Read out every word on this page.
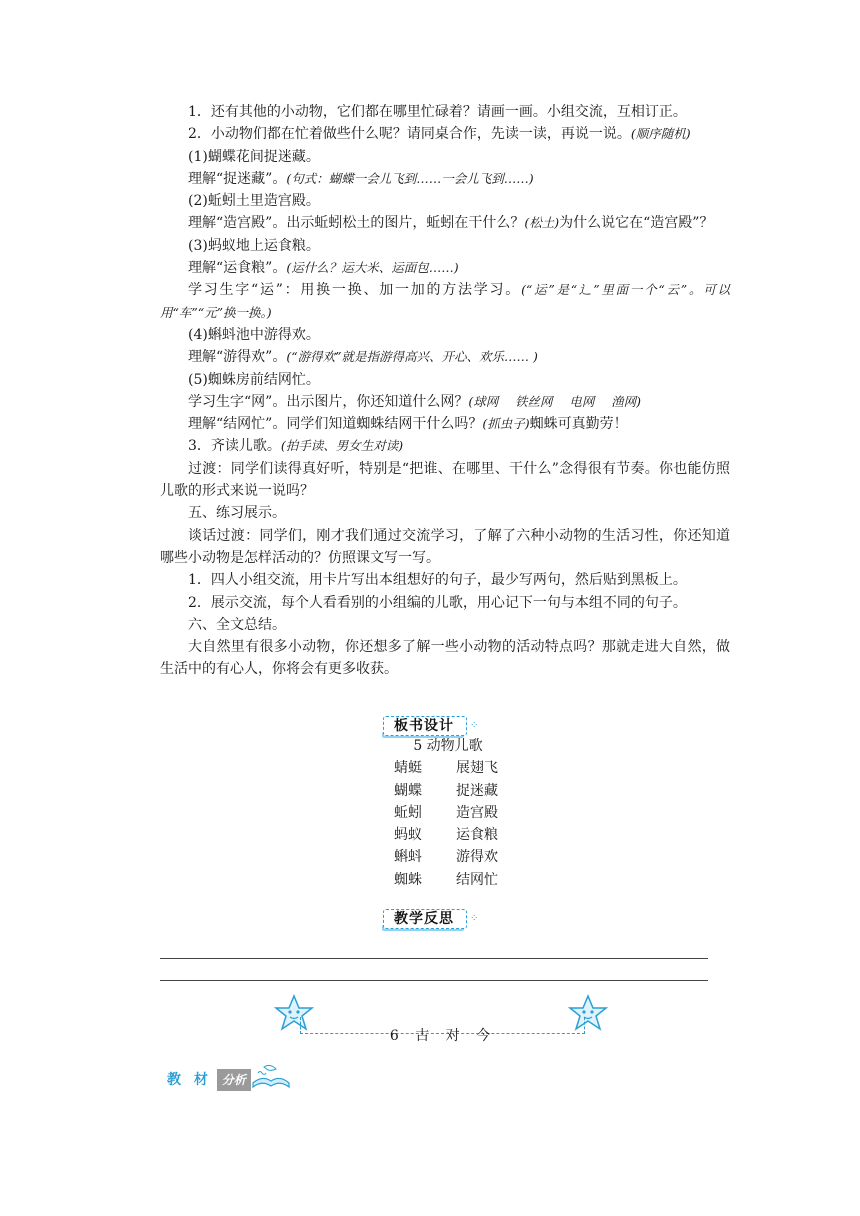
1．还有其他的小动物，它们都在哪里忙碌着？请画一画。小组交流，互相订正。

2．小动物们都在忙着做些什么呢？请同桌合作，先读一读，再说一说。(顺序随机)

(1)蝴蝶花间捉迷藏。

理解“捉迷藏”。(句式：蝴蝶一会儿飞到……一会儿飞到……)

(2)蚯蚓土里造宫殿。

理解“造宫殿”。出示蚯蚓松土的图片，蚯蚓在干什么？(松土)为什么说它在“造宫殿”？

(3)蚂蚁地上运食粮。

理解“运食粮”。(运什么？运大米、运面包……)

学习生字“运”：用换一换、加一加的方法学习。(“运”是“辶”里面一个“云”。可以用“车”“元”换一换。)

(4)蝌蚪池中游得欢。

理解“游得欢”。(“游得欢”就是指游得高兴、开心、欢乐…… )

(5)蜘蛛房前结网忙。

学习生字“网”。出示图片，你还知道什么网？(球网 铁丝网 电网 渔网)

理解“结网忙”。同学们知道蜘蛛结网干什么吗？(抓虫子)蜘蛛可真勤劳！

3．齐读儿歌。(拍手读、男女生对读)

过渡：同学们读得真好听，特别是“把谁、在哪里、干什么”念得很有节奏。你也能仿照儿歌的形式来说一说吗？

五、练习展示。

谈话过渡：同学们，刚才我们通过交流学习，了解了六种小动物的生活习性，你还知道哪些小动物是怎样活动的？仿照课文写一写。

1．四人小组交流，用卡片写出本组想好的句子，最少写两句，然后贴到黑板上。

2．展示交流，每个人看看别的小组编的儿歌，用心记下一句与本组不同的句子。

六、全文总结。

大自然里有很多小动物，你还想多了解一些小动物的活动特点吗？那就走进大自然，做生活中的有心人，你将会有更多收获。

板书设计	⁘
5 动物儿歌
蜻蜓	展翅飞
蝴蝶	捉迷藏
蚯蚓	造宫殿
蚂蚁	运食粮
蝌蚪	游得欢
蜘蛛	结网忙
教学反思	⁘
6 古 对 今
教 材 分析
